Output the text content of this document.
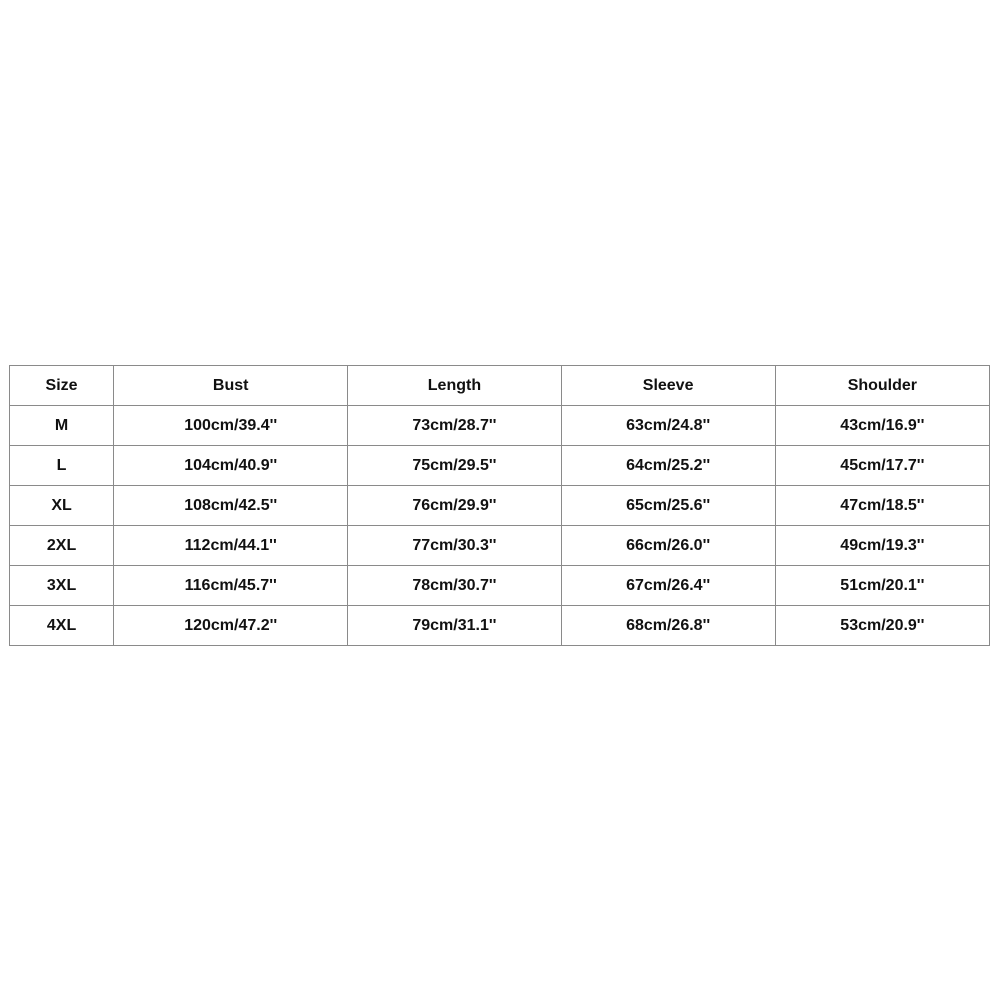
Size	Bust	Length	Sleeve	Shoulder
M	100cm/39.4''	73cm/28.7''	63cm/24.8''	43cm/16.9''
L	104cm/40.9''	75cm/29.5''	64cm/25.2''	45cm/17.7''
XL	108cm/42.5''	76cm/29.9''	65cm/25.6''	47cm/18.5''
2XL	112cm/44.1''	77cm/30.3''	66cm/26.0''	49cm/19.3''
3XL	116cm/45.7''	78cm/30.7''	67cm/26.4''	51cm/20.1''
4XL	120cm/47.2''	79cm/31.1''	68cm/26.8''	53cm/20.9''
